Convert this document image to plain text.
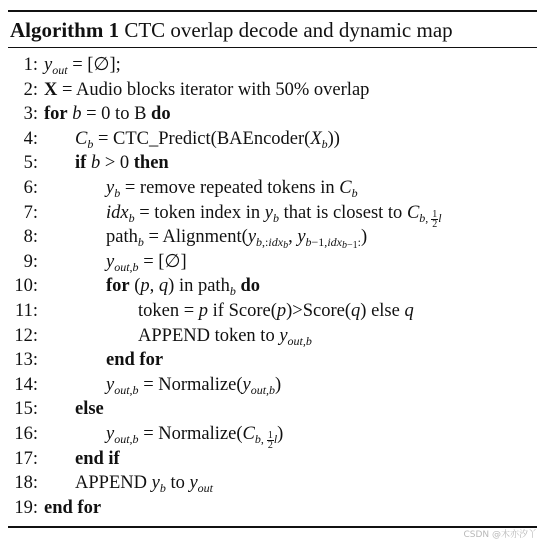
Algorithm 1 CTC overlap decode and dynamic map
1: $y_{out}$ = [∅];
2: X = Audio blocks iterator with 50% overlap
3: for b = 0 to B do
4: $C_b$ = $CTC\_Predict(BAEncoder(X_b))$
5: if b > 0 then
6:	$y_b$ = remove repeated tokens in $C_b$
7:	idx$_b$ = token index in $y_b$ that is closest to $C_{b, \frac{1}{2} l}$
8:	path$_b$ = $Alignment(y_{b,:idx_b}$, $y_{b-1,idx_{b-1}:}$)
9:	$y_{out,b}$ = [∅]
10:	for (p, q) in path$_b$ do
11:	token = p if Score(p)>Score(q) else q
12:	APPEND token to $y_{out,b}$
13:	end for
14:	$y_{out,b}$ = $Normalize(y_{out,b})$
15: else
16:	$y_{out,b}$ = $Normalize(C_{b, \frac{1}{2} l})$
17: end if
18: APPEND $y_b$ to $y_{out}$
19: end for
CSDN @木亦汐丫
